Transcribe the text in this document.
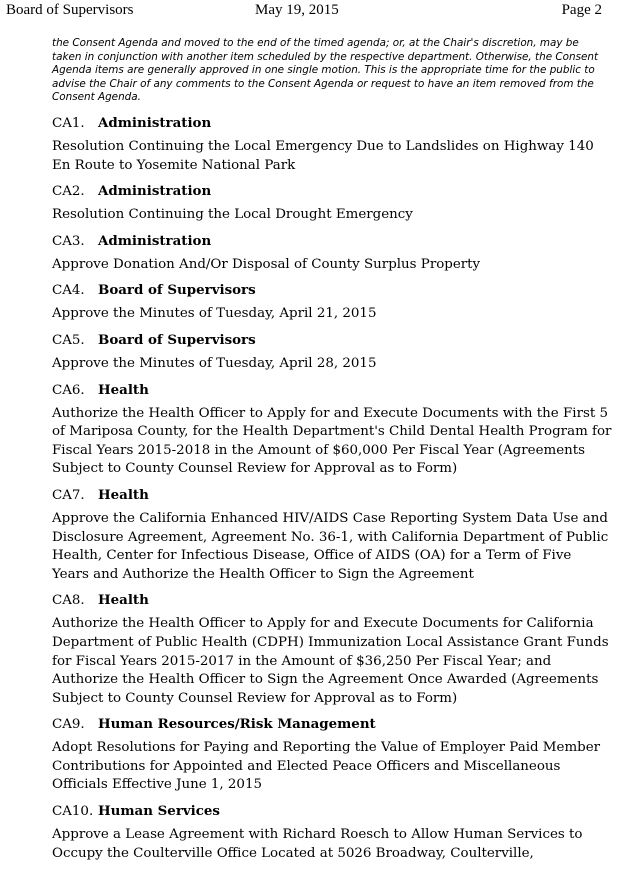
Board of Supervisors	May 19, 2015	Page 2

the Consent Agenda and moved to the end of the timed agenda; or, at the Chair's discretion, may be taken in conjunction with another item scheduled by the respective department. Otherwise, the Consent Agenda items are generally approved in one single motion. This is the appropriate time for the public to advise the Chair of any comments to the Consent Agenda or request to have an item removed from the Consent Agenda.

CA1. Administration

Resolution Continuing the Local Emergency Due to Landslides on Highway 140 En Route to Yosemite National Park

CA2. Administration

Resolution Continuing the Local Drought Emergency

CA3. Administration

Approve Donation And/Or Disposal of County Surplus Property

CA4. Board of Supervisors

Approve the Minutes of Tuesday, April 21, 2015

CA5. Board of Supervisors

Approve the Minutes of Tuesday, April 28, 2015

CA6. Health

Authorize the Health Officer to Apply for and Execute Documents with the First 5 of Mariposa County, for the Health Department's Child Dental Health Program for Fiscal Years 2015-2018 in the Amount of $60,000 Per Fiscal Year (Agreements Subject to County Counsel Review for Approval as to Form)

CA7. Health

Approve the California Enhanced HIV/AIDS Case Reporting System Data Use and Disclosure Agreement, Agreement No. 36-1, with California Department of Public Health, Center for Infectious Disease, Office of AIDS (OA) for a Term of Five Years and Authorize the Health Officer to Sign the Agreement

CA8. Health

Authorize the Health Officer to Apply for and Execute Documents for California Department of Public Health (CDPH) Immunization Local Assistance Grant Funds for Fiscal Years 2015-2017 in the Amount of $36,250 Per Fiscal Year; and Authorize the Health Officer to Sign the Agreement Once Awarded (Agreements Subject to County Counsel Review for Approval as to Form)

CA9. Human Resources/Risk Management

Adopt Resolutions for Paying and Reporting the Value of Employer Paid Member Contributions for Appointed and Elected Peace Officers and Miscellaneous Officials Effective June 1, 2015

CA10. Human Services

Approve a Lease Agreement with Richard Roesch to Allow Human Services to Occupy the Coulterville Office Located at 5026 Broadway, Coulterville,
